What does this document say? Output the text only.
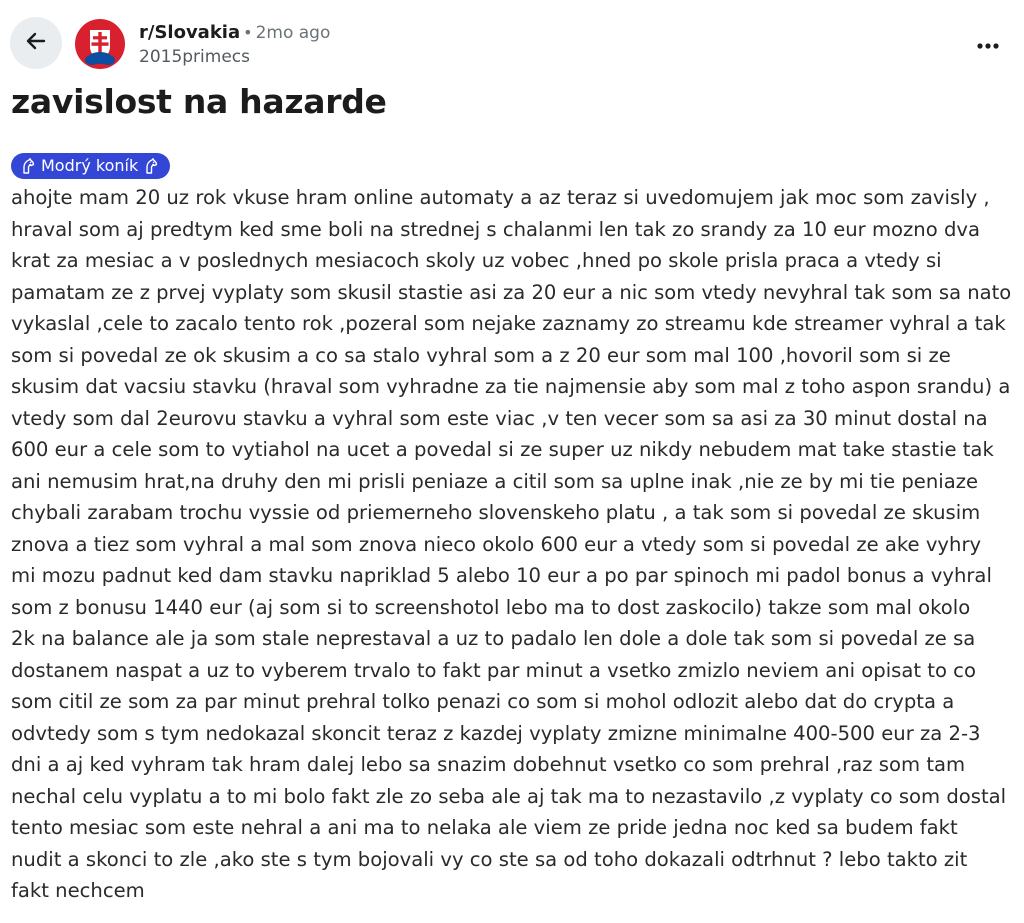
r/Slovakia • 2mo ago
2015primecs
zavislost na hazarde
Modrý koník
ahojte mam 20 uz rok vkuse hram online automaty a az teraz si uvedomujem jak moc som zavisly ,
hraval som aj predtym ked sme boli na strednej s chalanmi len tak zo srandy za 10 eur mozno dva
krat za mesiac a v poslednych mesiacoch skoly uz vobec ,hned po skole prisla praca a vtedy si
pamatam ze z prvej vyplaty som skusil stastie asi za 20 eur a nic som vtedy nevyhral tak som sa nato
vykaslal ,cele to zacalo tento rok ,pozeral som nejake zaznamy zo streamu kde streamer vyhral a tak
som si povedal ze ok skusim a co sa stalo vyhral som a z 20 eur som mal 100 ,hovoril som si ze
skusim dat vacsiu stavku (hraval som vyhradne za tie najmensie aby som mal z toho aspon srandu) a
vtedy som dal 2eurovu stavku a vyhral som este viac ,v ten vecer som sa asi za 30 minut dostal na
600 eur a cele som to vytiahol na ucet a povedal si ze super uz nikdy nebudem mat take stastie tak
ani nemusim hrat,na druhy den mi prisli peniaze a citil som sa uplne inak ,nie ze by mi tie peniaze
chybali zarabam trochu vyssie od priemerneho slovenskeho platu , a tak som si povedal ze skusim
znova a tiez som vyhral a mal som znova nieco okolo 600 eur a vtedy som si povedal ze ake vyhry
mi mozu padnut ked dam stavku napriklad 5 alebo 10 eur a po par spinoch mi padol bonus a vyhral
som z bonusu 1440 eur (aj som si to screenshotol lebo ma to dost zaskocilo) takze som mal okolo
2k na balance ale ja som stale neprestaval a uz to padalo len dole a dole tak som si povedal ze sa
dostanem naspat a uz to vyberem trvalo to fakt par minut a vsetko zmizlo neviem ani opisat to co
som citil ze som za par minut prehral tolko penazi co som si mohol odlozit alebo dat do crypta a
odvtedy som s tym nedokazal skoncit teraz z kazdej vyplaty zmizne minimalne 400-500 eur za 2-3
dni a aj ked vyhram tak hram dalej lebo sa snazim dobehnut vsetko co som prehral ,raz som tam
nechal celu vyplatu a to mi bolo fakt zle zo seba ale aj tak ma to nezastavilo ,z vyplaty co som dostal
tento mesiac som este nehral a ani ma to nelaka ale viem ze pride jedna noc ked sa budem fakt
nudit a skonci to zle ,ako ste s tym bojovali vy co ste sa od toho dokazali odtrhnut ? lebo takto zit
fakt nechcem
